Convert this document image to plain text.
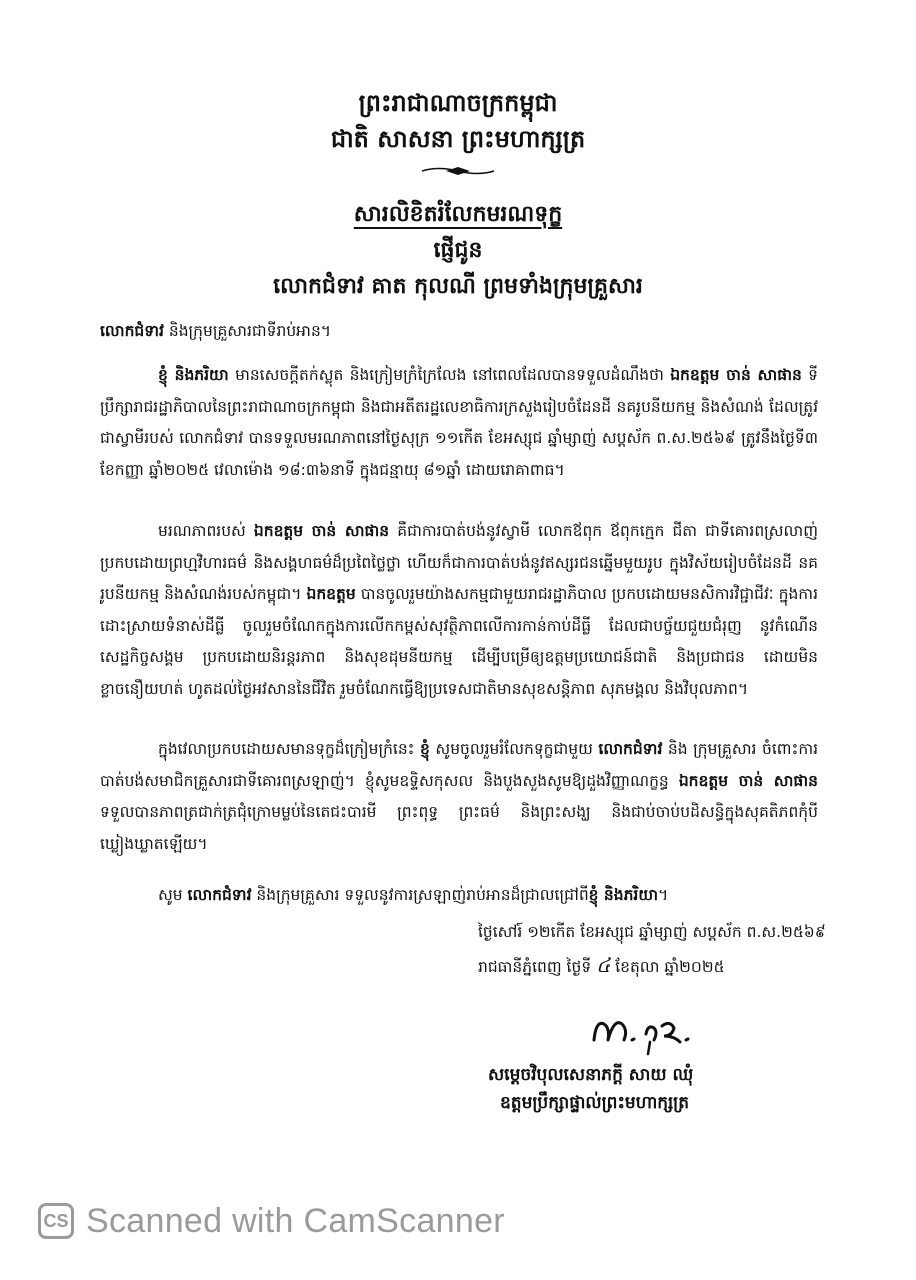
ព្រះរាជាណាចក្រកម្ពុជា
ជាតិ សាសនា ព្រះមហាក្សត្រ
សារលិខិតរំលែកមរណទុក្ខ
ផ្ញើជូន
លោកជំទាវ គាត កុលណី ព្រមទាំងក្រុមគ្រួសារ
លោកជំទាវ និងក្រុមគ្រួសារជាទីរាប់អាន។
ខ្ញុំ និងភរិយា មានសេចក្តីតក់ស្លុត និងក្រៀមក្រំក្រៃលែង នៅពេលដែលបានទទួលដំណឹងថា ឯកឧត្តម ចាន់ សាផាន ទីប្រឹក្សារាជរដ្ឋាភិបាលនៃព្រះរាជាណាចក្រកម្ពុជា និងជាអតីតរដ្ឋលេខាធិការក្រសួងរៀបចំដែនដី នគរូបនីយកម្ម និងសំណង់ ដែលត្រូវជាស្វាមីរបស់ លោកជំទាវ បានទទួលមរណភាពនៅថ្ងៃសុក្រ ១១កើត ខែអស្សុជ ឆ្នាំម្សាញ់ សប្តស័ក ព.ស.២៥៦៩ ត្រូវនឹងថ្ងៃទី៣ ខែកញ្ញា ឆ្នាំ២០២៥ វេលាម៉ោង ១៨:៣៦នាទី ក្នុងជន្មាយុ ៨១ឆ្នាំ ដោយរោគាពាធ។
មរណភាពរបស់ ឯកឧត្តម ចាន់ សាផាន គឺជាការបាត់បង់នូវស្វាមី លោកឪពុក ឪពុកក្មេក ជីតា ជាទីគោរពស្រលាញ់ប្រកបដោយព្រហ្មវិហារធម៌ និងសង្គហធម៌ដ៏ប្រពៃថ្លៃថ្លា ហើយក៏ជាការបាត់បង់នូវឥស្សរជនឆ្នើមមួយរូប ក្នុងវិស័យរៀបចំដែនដី នគរូបនីយកម្ម និងសំណង់របស់កម្ពុជា។ ឯកឧត្តម បានចូលរួមយ៉ាងសកម្មជាមួយរាជរដ្ឋាភិបាល ប្រកបដោយមនសិការវិជ្ជាជីវៈ ក្នុងការដោះស្រាយទំនាស់ដីធ្លី ចូលរួមចំណែកក្នុងការលើកកម្ពស់សុវត្ថិភាពលើការកាន់កាប់ដីធ្លី ដែលជាបច្ច័យជួយជំរុញ នូវកំណើនសេដ្ឋកិច្ចសង្គម ប្រកបដោយនិរន្តរភាព និងសុខដុមនីយកម្ម ដើម្បីបម្រើឲ្យឧត្តមប្រយោជន៍ជាតិ និងប្រជាជន ដោយមិនខ្លាចនឿយហត់ ហូតដល់ថ្ងៃអវសាននៃជីវិត រួមចំណែកធ្វើឱ្យប្រទេសជាតិមានសុខសន្តិភាព សុភមង្គល និងវិបុលភាព។
ក្នុងវេលាប្រកបដោយសមានទុក្ខដ៏ក្រៀមក្រំនេះ ខ្ញុំ សូមចូលរួមរំលែកទុក្ខជាមួយ លោកជំទាវ និង ក្រុមគ្រួសារ ចំពោះការបាត់បង់សមាជិកគ្រួសារជាទីគោរពស្រឡាញ់។ ខ្ញុំសូមឧទ្ទិសកុសល និងបួងសួងសូមឱ្យដួងវិញ្ញាណក្ខន្ធ ឯកឧត្តម ចាន់ សាផាន ទទួលបានភាពត្រជាក់ត្រជុំក្រោមម្លប់នៃតេជះបារមី ព្រះពុទ្ធ ព្រះធម៌ និងព្រះសង្ឃ និងជាប់ចាប់បដិសន្ធិក្នុងសុគតិភពកុំបីឃ្លៀងឃ្លាតឡើយ។
សូម លោកជំទាវ និងក្រុមគ្រួសារ ទទួលនូវការស្រឡាញ់រាប់អានដ៏ជ្រាលជ្រៅពីខ្ញុំ និងភរិយា។
ថ្ងៃសៅរ៍ ១២កើត ខែអស្សុជ ឆ្នាំម្សាញ់ សប្តស័ក ព.ស.២៥៦៩
រាជធានីភ្នំពេញ ថ្ងៃទី ៤ ខែតុលា ឆ្នាំ២០២៥
សម្តេចវិបុលសេនាភក្តី សាយ ឈុំ
ឧត្តមប្រឹក្សាផ្ទាល់ព្រះមហាក្សត្រ
CS Scanned with CamScanner
